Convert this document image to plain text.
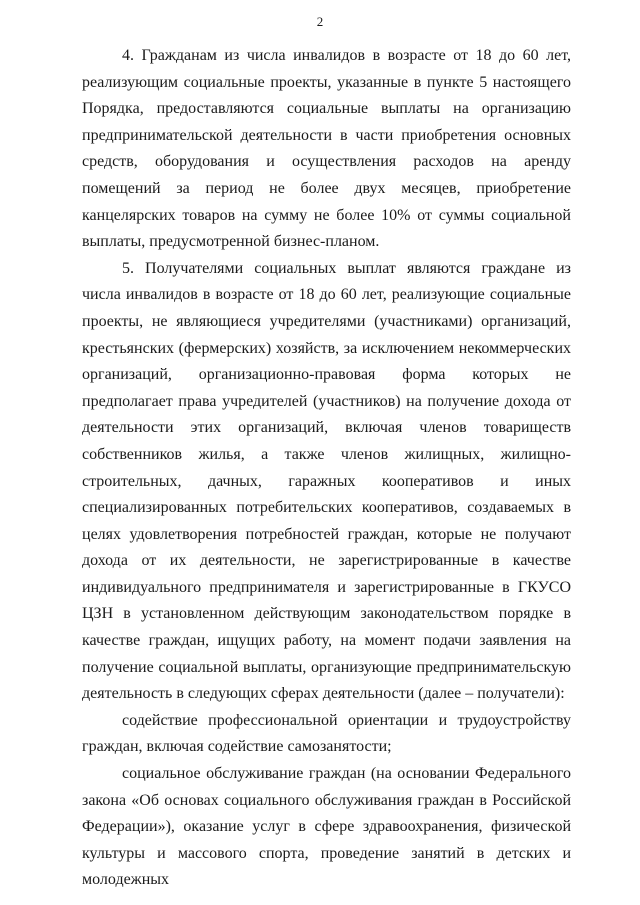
2

4. Гражданам из числа инвалидов в возрасте от 18 до 60 лет, реализующим социальные проекты, указанные в пункте 5 настоящего Порядка, предоставляются социальные выплаты на организацию предпринимательской деятельности в части приобретения основных средств, оборудования и осуществления расходов на аренду помещений за период не более двух месяцев, приобретение канцелярских товаров на сумму не более 10% от суммы социальной выплаты, предусмотренной бизнес-планом.

5. Получателями социальных выплат являются граждане из числа инвалидов в возрасте от 18 до 60 лет, реализующие социальные проекты, не являющиеся учредителями (участниками) организаций, крестьянских (фермерских) хозяйств, за исключением некоммерческих организаций, организационно-правовая форма которых не предполагает права учредителей (участников) на получение дохода от деятельности этих организаций, включая членов товариществ собственников жилья, а также членов жилищных, жилищно-строительных, дачных, гаражных кооперативов и иных специализированных потребительских кооперативов, создаваемых в целях удовлетворения потребностей граждан, которые не получают дохода от их деятельности, не зарегистрированные в качестве индивидуального предпринимателя и зарегистрированные в ГКУСО ЦЗН в установленном действующим законодательством порядке в качестве граждан, ищущих работу, на момент подачи заявления на получение социальной выплаты, организующие предпринимательскую деятельность в следующих сферах деятельности (далее – получатели):

содействие профессиональной ориентации и трудоустройству граждан, включая содействие самозанятости;

социальное обслуживание граждан (на основании Федерального закона «Об основах социального обслуживания граждан в Российской Федерации»), оказание услуг в сфере здравоохранения, физической культуры и массового спорта, проведение занятий в детских и молодежных
